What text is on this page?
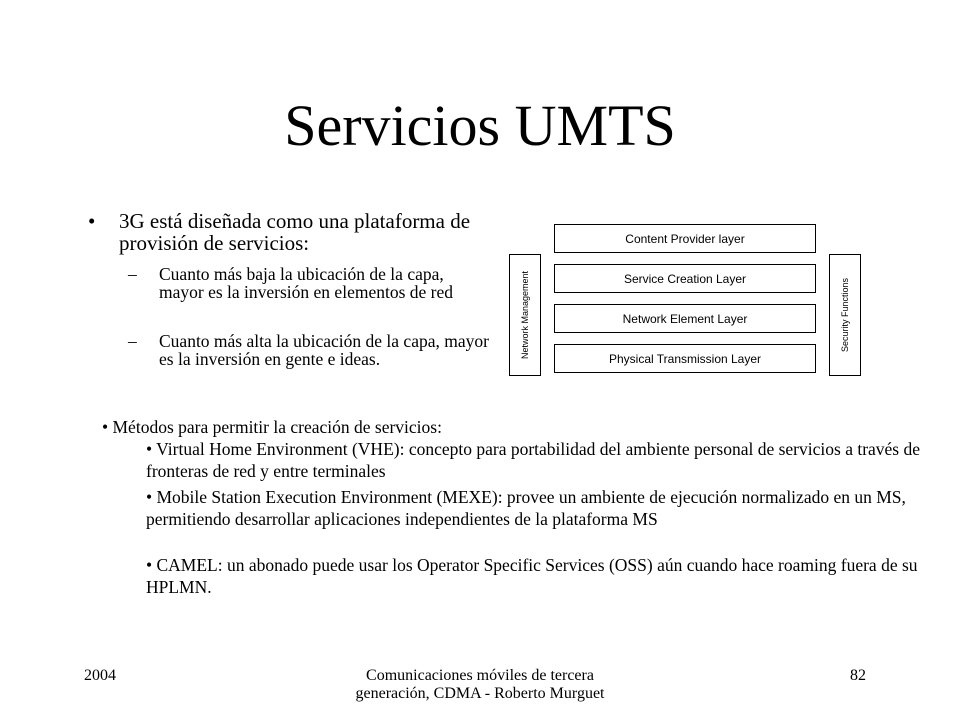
Servicios UMTS
• 3G está diseñada como una plataforma de provisión de servicios:
– Cuanto más baja la ubicación de la capa, mayor es la inversión en elementos de red
– Cuanto más alta la ubicación de la capa, mayor es la inversión en gente e ideas.	Network Management
Content Provider layer
Service Creation Layer
Network Element Layer
Physical Transmission Layer
Security Functions
• Métodos para permitir la creación de servicios:
• Virtual Home Environment (VHE): concepto para portabilidad del ambiente personal de servicios a través de fronteras de red y entre terminales
• Mobile Station Execution Environment (MEXE): provee un ambiente de ejecución normalizado en un MS, permitiendo desarrollar aplicaciones independientes de la plataforma MS
• CAMEL: un abonado puede usar los Operator Specific Services (OSS) aún cuando hace roaming fuera de su HPLMN.
2004	Comunicaciones móviles de tercera generación, CDMA - Roberto Murguet
82
